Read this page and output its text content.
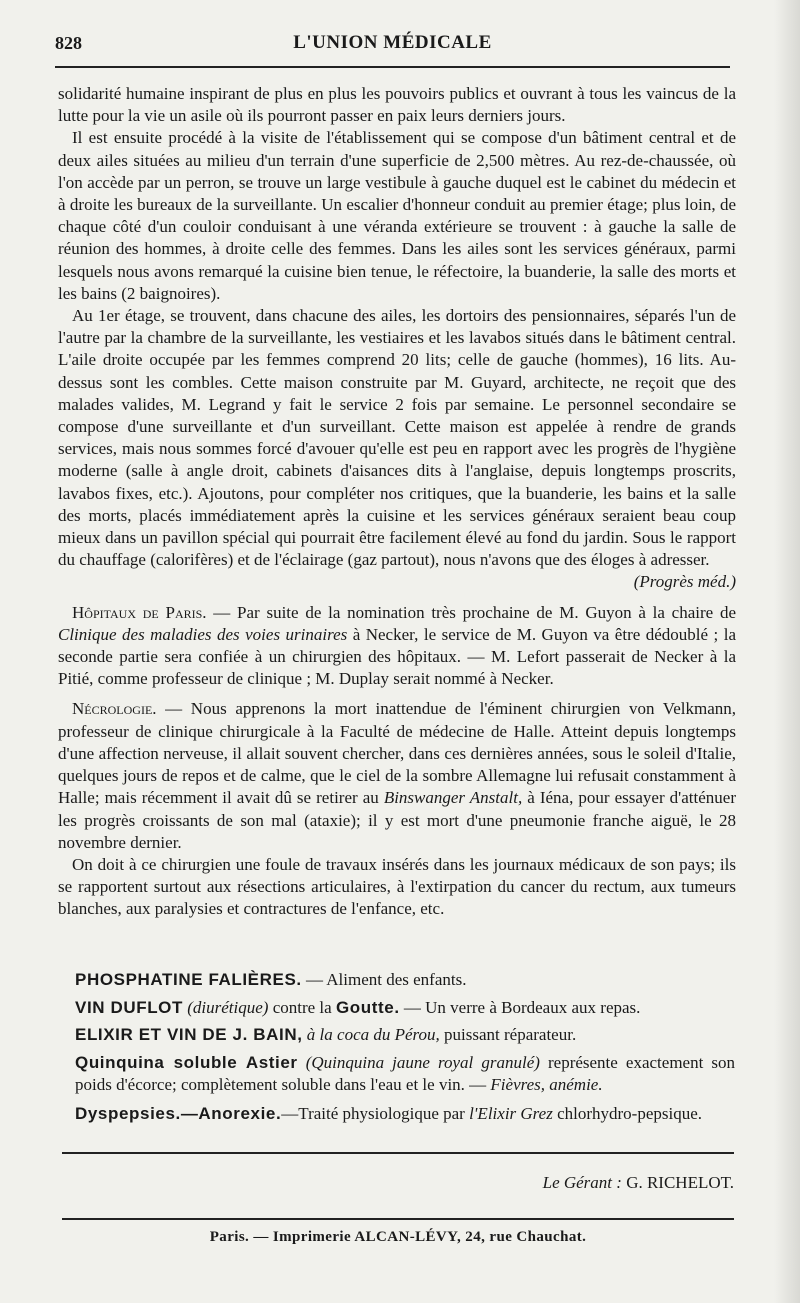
828	L'UNION MÉDICALE

solidarité humaine inspirant de plus en plus les pouvoirs publics et ouvrant à tous les vaincus de la lutte pour la vie un asile où ils pourront passer en paix leurs derniers jours.

Il est ensuite procédé à la visite de l'établissement qui se compose d'un bâtiment central et de deux ailes situées au milieu d'un terrain d'une superficie de 2,500 mètres. Au rez-de-chaussée, où l'on accède par un perron, se trouve un large vestibule à gauche duquel est le cabinet du médecin et à droite les bureaux de la surveillante. Un escalier d'honneur conduit au premier étage; plus loin, de chaque côté d'un couloir conduisant à une véranda extérieure se trouvent : à gauche la salle de réunion des hommes, à droite celle des femmes. Dans les ailes sont les services généraux, parmi lesquels nous avons remarqué la cuisine bien tenue, le réfectoire, la buanderie, la salle des morts et les bains (2 baignoires).

Au 1er étage, se trouvent, dans chacune des ailes, les dortoirs des pensionnaires, séparés l'un de l'autre par la chambre de la surveillante, les vestiaires et les lavabos situés dans le bâtiment central. L'aile droite occupée par les femmes comprend 20 lits; celle de gauche (hommes), 16 lits. Au-dessus sont les combles. Cette maison construite par M. Guyard, architecte, ne reçoit que des malades valides, M. Legrand y fait le service 2 fois par semaine. Le personnel secondaire se compose d'une surveillante et d'un surveillant. Cette maison est appelée à rendre de grands services, mais nous sommes forcé d'avouer qu'elle est peu en rapport avec les progrès de l'hygiène moderne (salle à angle droit, cabinets d'aisances dits à l'anglaise, depuis longtemps proscrits, lavabos fixes, etc.). Ajoutons, pour compléter nos critiques, que la buanderie, les bains et la salle des morts, placés immédiatement après la cuisine et les services généraux seraient beau coup mieux dans un pavillon spécial qui pourrait être facilement élevé au fond du jardin. Sous le rapport du chauffage (calorifères) et de l'éclairage (gaz partout), nous n'avons que des éloges à adresser.

(Progrès méd.)

Hôpitaux de Paris. — Par suite de la nomination très prochaine de M. Guyon à la chaire de Clinique des maladies des voies urinaires à Necker, le service de M. Guyon va être dédoublé ; la seconde partie sera confiée à un chirurgien des hôpitaux. — M. Lefort passerait de Necker à la Pitié, comme professeur de clinique ; M. Duplay serait nommé à Necker.

Nécrologie. — Nous apprenons la mort inattendue de l'éminent chirurgien von Velkmann, professeur de clinique chirurgicale à la Faculté de médecine de Halle. Atteint depuis longtemps d'une affection nerveuse, il allait souvent chercher, dans ces dernières années, sous le soleil d'Italie, quelques jours de repos et de calme, que le ciel de la sombre Allemagne lui refusait constamment à Halle; mais récemment il avait dû se retirer au Binswanger Anstalt, à Iéna, pour essayer d'atténuer les progrès croissants de son mal (ataxie); il y est mort d'une pneumonie franche aiguë, le 28 novembre dernier.

On doit à ce chirurgien une foule de travaux insérés dans les journaux médicaux de son pays; ils se rapportent surtout aux résections articulaires, à l'extirpation du cancer du rectum, aux tumeurs blanches, aux paralysies et contractures de l'enfance, etc.

PHOSPHATINE FALIÈRES. — Aliment des enfants.

VIN DUFLOT (diurétique) contre la Goutte. — Un verre à Bordeaux aux repas.

ELIXIR ET VIN DE J. BAIN, à la coca du Pérou, puissant réparateur.

Quinquina soluble Astier (Quinquina jaune royal granulé) représente exactement son poids d'écorce; complètement soluble dans l'eau et le vin. — Fièvres, anémie.

Dyspepsies.—Anorexie.—Traité physiologique par l'Elixir Grez chlorhydro-pepsique.

Le Gérant : G. RICHELOT.
Paris. — Imprimerie ALCAN-LÉVY, 24, rue Chauchat.
